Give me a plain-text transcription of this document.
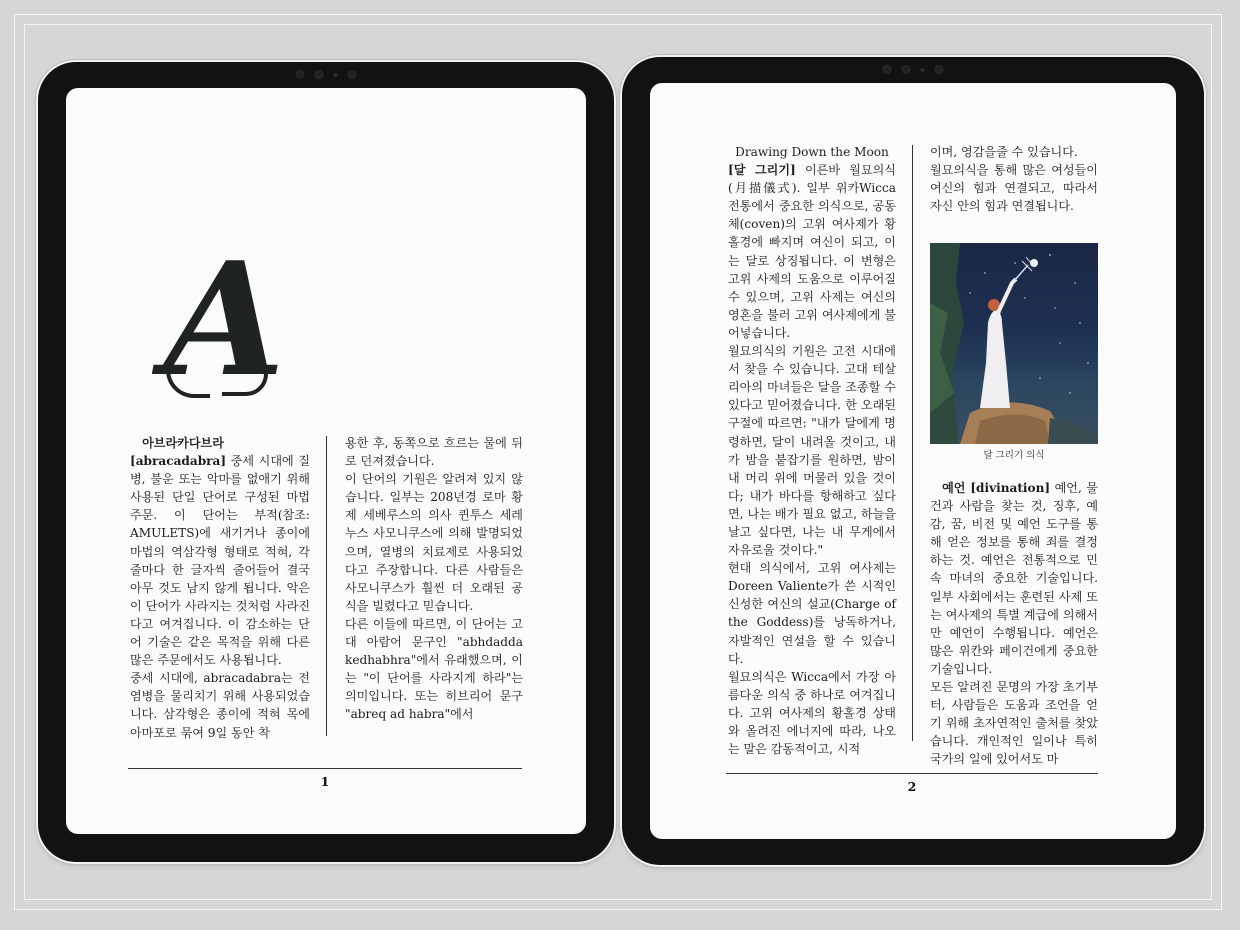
A

아브라카다브라 [abracadabra] 중세 시대에 질병, 불운 또는 악마를 없애기 위해 사용된 단일 단어로 구성된 마법 주문. 이 단어는 부적(참조: AMULETS)에 새기거나 종이에 마법의 역삼각형 형태로 적혀, 각 줄마다 한 글자씩 줄어들어 결국 아무 것도 남지 않게 됩니다. 악은 이 단어가 사라지는 것처럼 사라진다고 여겨집니다. 이 감소하는 단어 기술은 같은 목적을 위해 다른 많은 주문에서도 사용됩니다.

중세 시대에, abracadabra는 전염병을 물리치기 위해 사용되었습니다. 삼각형은 종이에 적혀 목에 아마포로 묶여 9일 동안 착

용한 후, 동쪽으로 흐르는 물에 뒤로 던져졌습니다.

이 단어의 기원은 알려져 있지 않습니다. 일부는 208년경 로마 황제 세베루스의 의사 퀸투스 세레누스 사모니쿠스에 의해 발명되었으며, 열병의 치료제로 사용되었다고 주장합니다. 다른 사람들은 사모니쿠스가 훨씬 더 오래된 공식을 빌렸다고 믿습니다.

다른 이들에 따르면, 이 단어는 고대 아람어 문구인 "abhdadda kedhabhra"에서 유래했으며, 이는 "이 단어를 사라지게 하라"는 의미입니다. 또는 히브리어 문구 "abreq ad habra"에서

1

Drawing Down the Moon

[달 그리기] 이른바 월묘의식(月描儀式). 일부 위카Wicca 전통에서 중요한 의식으로, 공동체(coven)의 고위 여사제가 황홀경에 빠지며 여신이 되고, 이는 달로 상징됩니다. 이 변형은 고위 사제의 도움으로 이루어질 수 있으며, 고위 사제는 여신의 영혼을 불러 고위 여사제에게 불어넣습니다.

월묘의식의 기원은 고전 시대에서 찾을 수 있습니다. 고대 테살리아의 마녀들은 달을 조종할 수 있다고 믿어졌습니다. 한 오래된 구절에 따르면: "내가 달에게 명령하면, 달이 내려올 것이고, 내가 밤을 붙잡기를 원하면, 밤이 내 머리 위에 머물러 있을 것이다; 내가 바다를 항해하고 싶다면, 나는 배가 필요 없고, 하늘을 날고 싶다면, 나는 내 무게에서 자유로울 것이다."

현대 의식에서, 고위 여사제는 Doreen Valiente가 쓴 시적인 신성한 여신의 설교(Charge of the Goddess)를 낭독하거나, 자발적인 연설을 할 수 있습니다.

월묘의식은 Wicca에서 가장 아름다운 의식 중 하나로 여겨집니다. 고위 여사제의 황홀경 상태와 올려진 에너지에 따라, 나오는 말은 감동적이고, 시적

이며, 영감을줄 수 있습니다.

월묘의식을 통해 많은 여성들이 여신의 힘과 연결되고, 따라서 자신 안의 힘과 연결됩니다.

달 그리기 의식

예언 [divination] 예언, 물건과 사람을 찾는 것, 징후, 예감, 꿈, 비전 및 예언 도구를 통해 얻은 정보를 통해 죄를 결정하는 것. 예언은 전통적으로 민속 마녀의 중요한 기술입니다. 일부 사회에서는 훈련된 사제 또는 여사제의 특별 계급에 의해서만 예언이 수행됩니다. 예언은 많은 위칸와 페이건에게 중요한 기술입니다.

모든 알려진 문명의 가장 초기부터, 사람들은 도움과 조언을 얻기 위해 초자연적인 출처를 찾았습니다. 개인적인 일이나 특히 국가의 일에 있어서도 마

2
